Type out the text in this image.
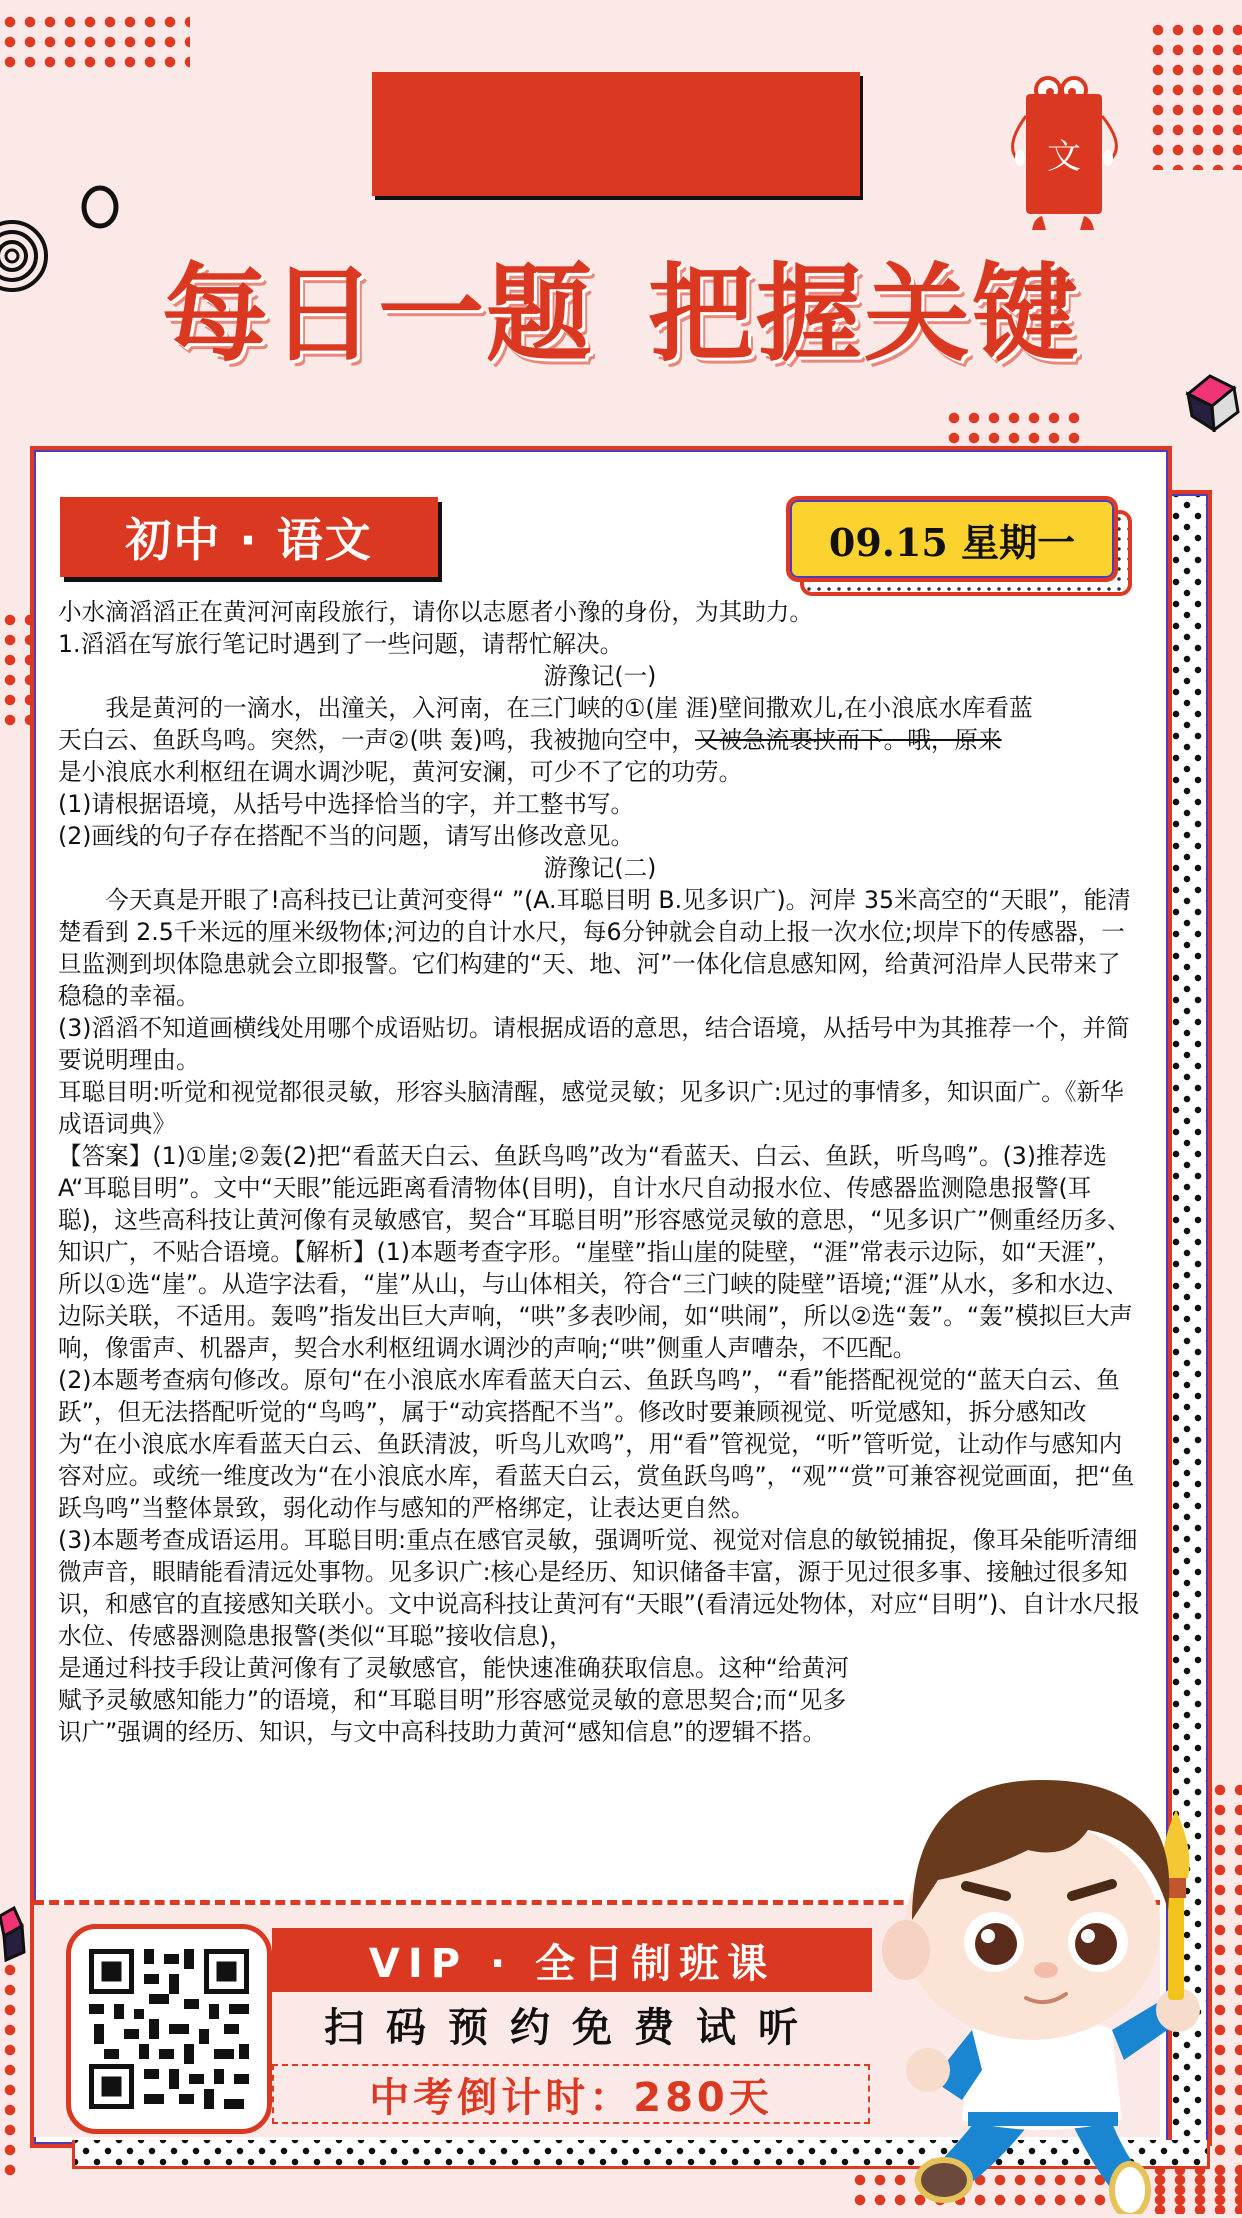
文
每日一题 把握关键
初中 · 语文	09.15 星期一

小水滴滔滔正在黄河河南段旅行，请你以志愿者小豫的身份，为其助力。

1.滔滔在写旅行笔记时遇到了一些问题，请帮忙解决。

游豫记(一)

我是黄河的一滴水，出潼关，入河南，在三门峡的①(崖 涯)壁间撒欢儿,在小浪底水库看蓝

天白云、鱼跃鸟鸣。突然，一声②(哄 轰)鸣，我被抛向空中，又被急流裹挟而下。哦，原来

是小浪底水利枢纽在调水调沙呢，黄河安澜，可少不了它的功劳。

(1)请根据语境，从括号中选择恰当的字，并工整书写。

(2)画线的句子存在搭配不当的问题，请写出修改意见。

游豫记(二)

今天真是开眼了!高科技已让黄河变得“ ”(A.耳聪目明 B.见多识广)。河岸 35米高空的“天眼”，能清楚看到 2.5千米远的厘米级物体;河边的自计水尺，每6分钟就会自动上报一次水位;坝岸下的传感器，一旦监测到坝体隐患就会立即报警。它们构建的“天、地、河”一体化信息感知网，给黄河沿岸人民带来了稳稳的幸福。

(3)滔滔不知道画横线处用哪个成语贴切。请根据成语的意思，结合语境，从括号中为其推荐一个，并简要说明理由。

耳聪目明:听觉和视觉都很灵敏，形容头脑清醒，感觉灵敏；见多识广:见过的事情多，知识面广。《新华成语词典》

【答案】(1)①崖;②轰(2)把“看蓝天白云、鱼跃鸟鸣”改为“看蓝天、白云、鱼跃，听鸟鸣”。(3)推荐选A“耳聪目明”。文中“天眼”能远距离看清物体(目明)，自计水尺自动报水位、传感器监测隐患报警(耳聪)，这些高科技让黄河像有灵敏感官，契合“耳聪目明”形容感觉灵敏的意思，“见多识广”侧重经历多、知识广，不贴合语境。【解析】(1)本题考查字形。“崖壁”指山崖的陡壁，“涯”常表示边际，如“天涯”，所以①选“崖”。从造字法看，“崖”从山，与山体相关，符合“三门峡的陡壁”语境;“涯”从水，多和水边、边际关联，不适用。轰鸣”指发出巨大声响，“哄”多表吵闹，如“哄闹”，所以②选“轰”。“轰”模拟巨大声响，像雷声、机器声，契合水利枢纽调水调沙的声响;“哄”侧重人声嘈杂，不匹配。

(2)本题考查病句修改。原句“在小浪底水库看蓝天白云、鱼跃鸟鸣”，“看”能搭配视觉的“蓝天白云、鱼跃”，但无法搭配听觉的“鸟鸣”，属于“动宾搭配不当”。修改时要兼顾视觉、听觉感知，拆分感知改为“在小浪底水库看蓝天白云、鱼跃清波，听鸟儿欢鸣”，用“看”管视觉，“听”管听觉，让动作与感知内容对应。或统一维度改为“在小浪底水库，看蓝天白云，赏鱼跃鸟鸣”，“观”“赏”可兼容视觉画面，把“鱼跃鸟鸣”当整体景致，弱化动作与感知的严格绑定，让表达更自然。

(3)本题考查成语运用。耳聪目明:重点在感官灵敏，强调听觉、视觉对信息的敏锐捕捉，像耳朵能听清细微声音，眼睛能看清远处事物。见多识广:核心是经历、知识储备丰富，源于见过很多事、接触过很多知识，和感官的直接感知关联小。文中说高科技让黄河有“天眼”(看清远处物体，对应“目明”)、自计水尺报水位、传感器测隐患报警(类似“耳聪”接收信息)，

是通过科技手段让黄河像有了灵敏感官，能快速准确获取信息。这种“给黄河赋予灵敏感知能力”的语境，和“耳聪目明”形容感觉灵敏的意思契合;而“见多识广”强调的经历、知识，与文中高科技助力黄河“感知信息”的逻辑不搭。

VIP · 全日制班课
扫码预约免费试听
中考倒计时：280天
